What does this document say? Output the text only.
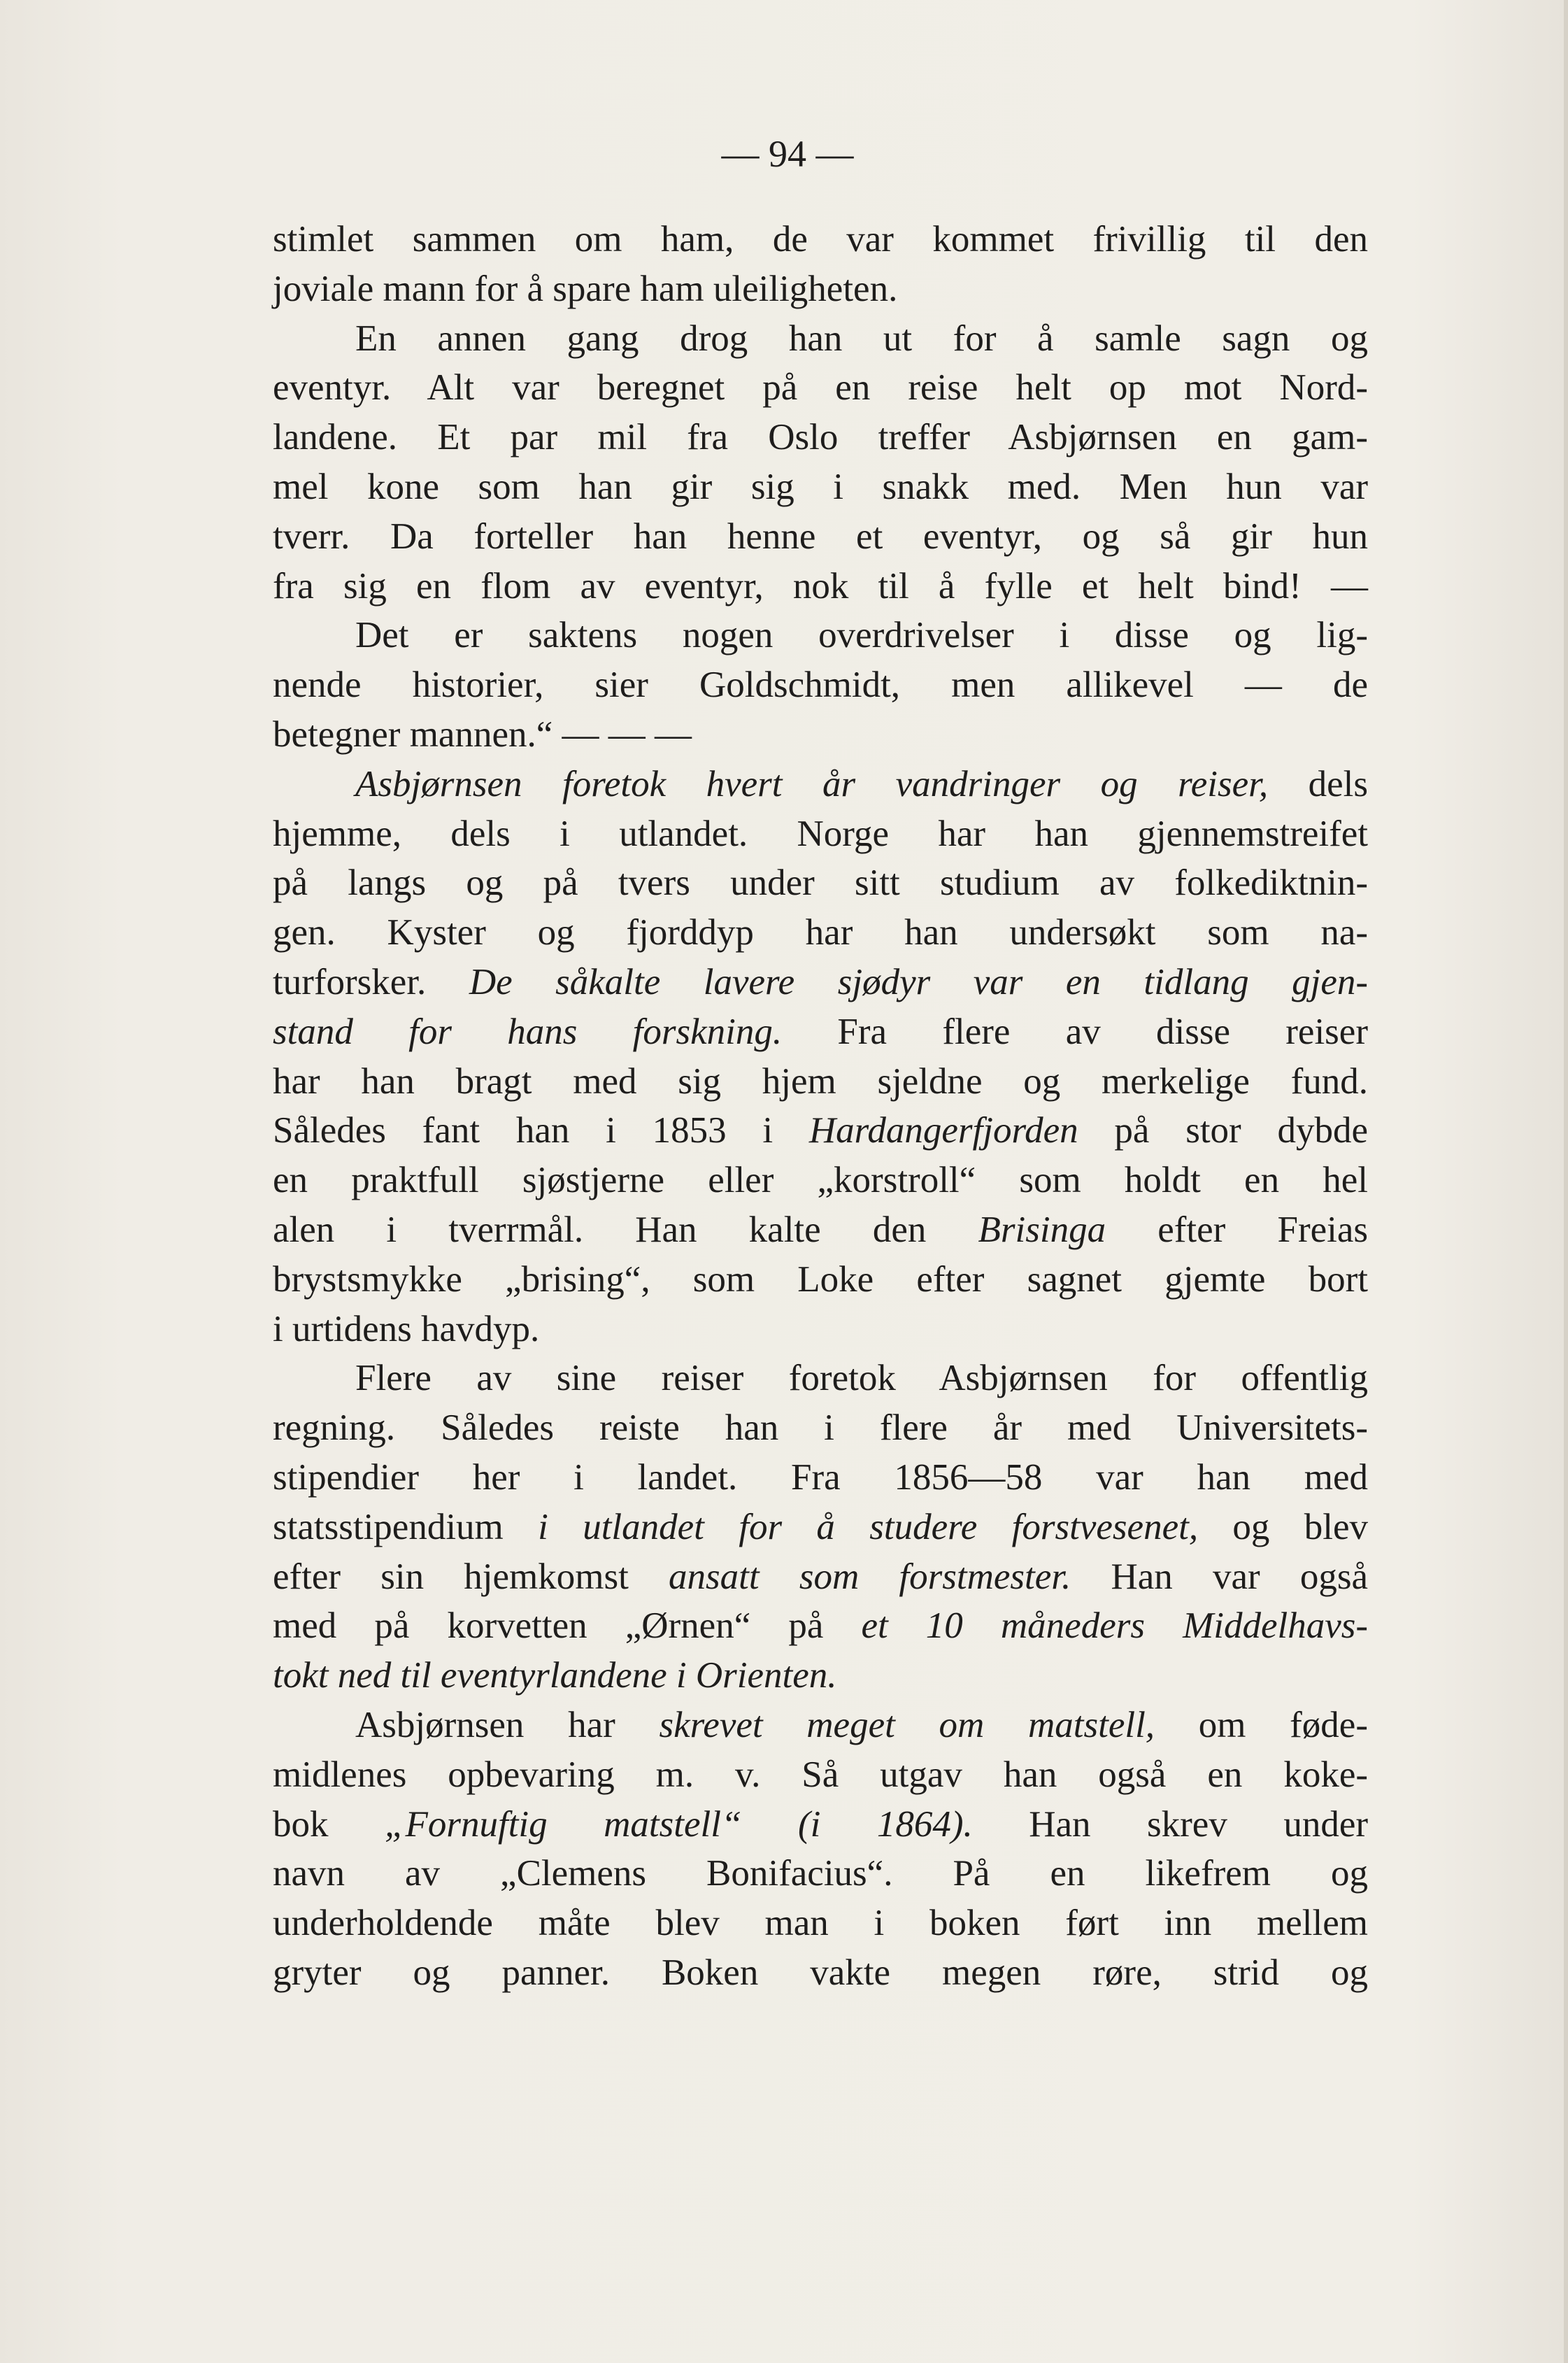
— 94 —
stimlet sammen om ham, de var kommet frivillig til den
joviale mann for å spare ham uleiligheten.
En annen gang drog han ut for å samle sagn og
eventyr. Alt var beregnet på en reise helt op mot Nord-
landene. Et par mil fra Oslo treffer Asbjørnsen en gam-
mel kone som han gir sig i snakk med. Men hun var
tverr. Da forteller han henne et eventyr, og så gir hun
fra sig en flom av eventyr, nok til å fylle et helt bind! —
Det er saktens nogen overdrivelser i disse og lig-
nende historier, sier Goldschmidt, men allikevel — de
betegner mannen.“ — — —
Asbjørnsen foretok hvert år vandringer og reiser, dels
hjemme, dels i utlandet. Norge har han gjennemstreifet
på langs og på tvers under sitt studium av folkediktnin-
gen. Kyster og fjorddyp har han undersøkt som na-
turforsker. De såkalte lavere sjødyr var en tidlang gjen-
stand for hans forskning. Fra flere av disse reiser
har han bragt med sig hjem sjeldne og merkelige fund.
Således fant han i 1853 i Hardangerfjorden på stor dybde
en praktfull sjøstjerne eller „korstroll“ som holdt en hel
alen i tverrmål. Han kalte den Brisinga efter Freias
brystsmykke „brising“, som Loke efter sagnet gjemte bort
i urtidens havdyp.
Flere av sine reiser foretok Asbjørnsen for offentlig
regning. Således reiste han i flere år med Universitets-
stipendier her i landet. Fra 1856—58 var han med
statsstipendium i utlandet for å studere forstvesenet, og blev
efter sin hjemkomst ansatt som forstmester. Han var også
med på korvetten „Ørnen“ på et 10 måneders Middelhavs-
tokt ned til eventyrlandene i Orienten.
Asbjørnsen har skrevet meget om matstell, om føde-
midlenes opbevaring m. v. Så utgav han også en koke-
bok „Fornuftig matstell“ (i 1864). Han skrev under
navn av „Clemens Bonifacius“. På en likefrem og
underholdende måte blev man i boken ført inn mellem
gryter og panner. Boken vakte megen røre, strid og
